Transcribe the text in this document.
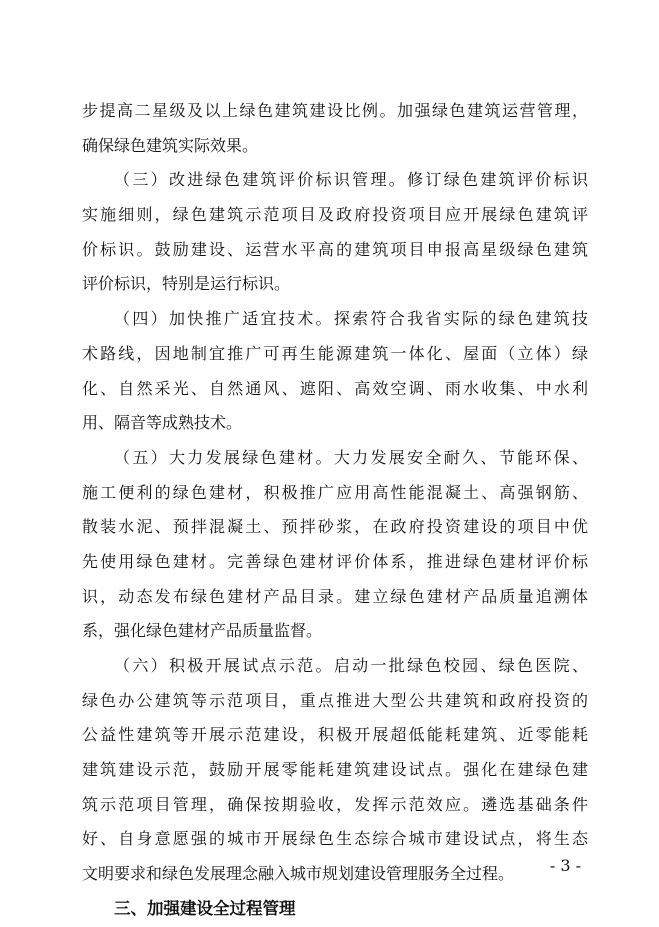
步提高二星级及以上绿色建筑建设比例。加强绿色建筑运营管理，
确保绿色建筑实际效果。
（三）改进绿色建筑评价标识管理。修订绿色建筑评价标识
实施细则，绿色建筑示范项目及政府投资项目应开展绿色建筑评
价标识。鼓励建设、运营水平高的建筑项目申报高星级绿色建筑
评价标识，特别是运行标识。
（四）加快推广适宜技术。探索符合我省实际的绿色建筑技
术路线，因地制宜推广可再生能源建筑一体化、屋面（立体）绿
化、自然采光、自然通风、遮阳、高效空调、雨水收集、中水利
用、隔音等成熟技术。
（五）大力发展绿色建材。大力发展安全耐久、节能环保、
施工便利的绿色建材，积极推广应用高性能混凝土、高强钢筋、
散装水泥、预拌混凝土、预拌砂浆，在政府投资建设的项目中优
先使用绿色建材。完善绿色建材评价体系，推进绿色建材评价标
识，动态发布绿色建材产品目录。建立绿色建材产品质量追溯体
系，强化绿色建材产品质量监督。
（六）积极开展试点示范。启动一批绿色校园、绿色医院、
绿色办公建筑等示范项目，重点推进大型公共建筑和政府投资的
公益性建筑等开展示范建设，积极开展超低能耗建筑、近零能耗
建筑建设示范，鼓励开展零能耗建筑建设试点。强化在建绿色建
筑示范项目管理，确保按期验收，发挥示范效应。遴选基础条件
好、自身意愿强的城市开展绿色生态综合城市建设试点，将生态
文明要求和绿色发展理念融入城市规划建设管理服务全过程。
三、加强建设全过程管理
- 3 -
